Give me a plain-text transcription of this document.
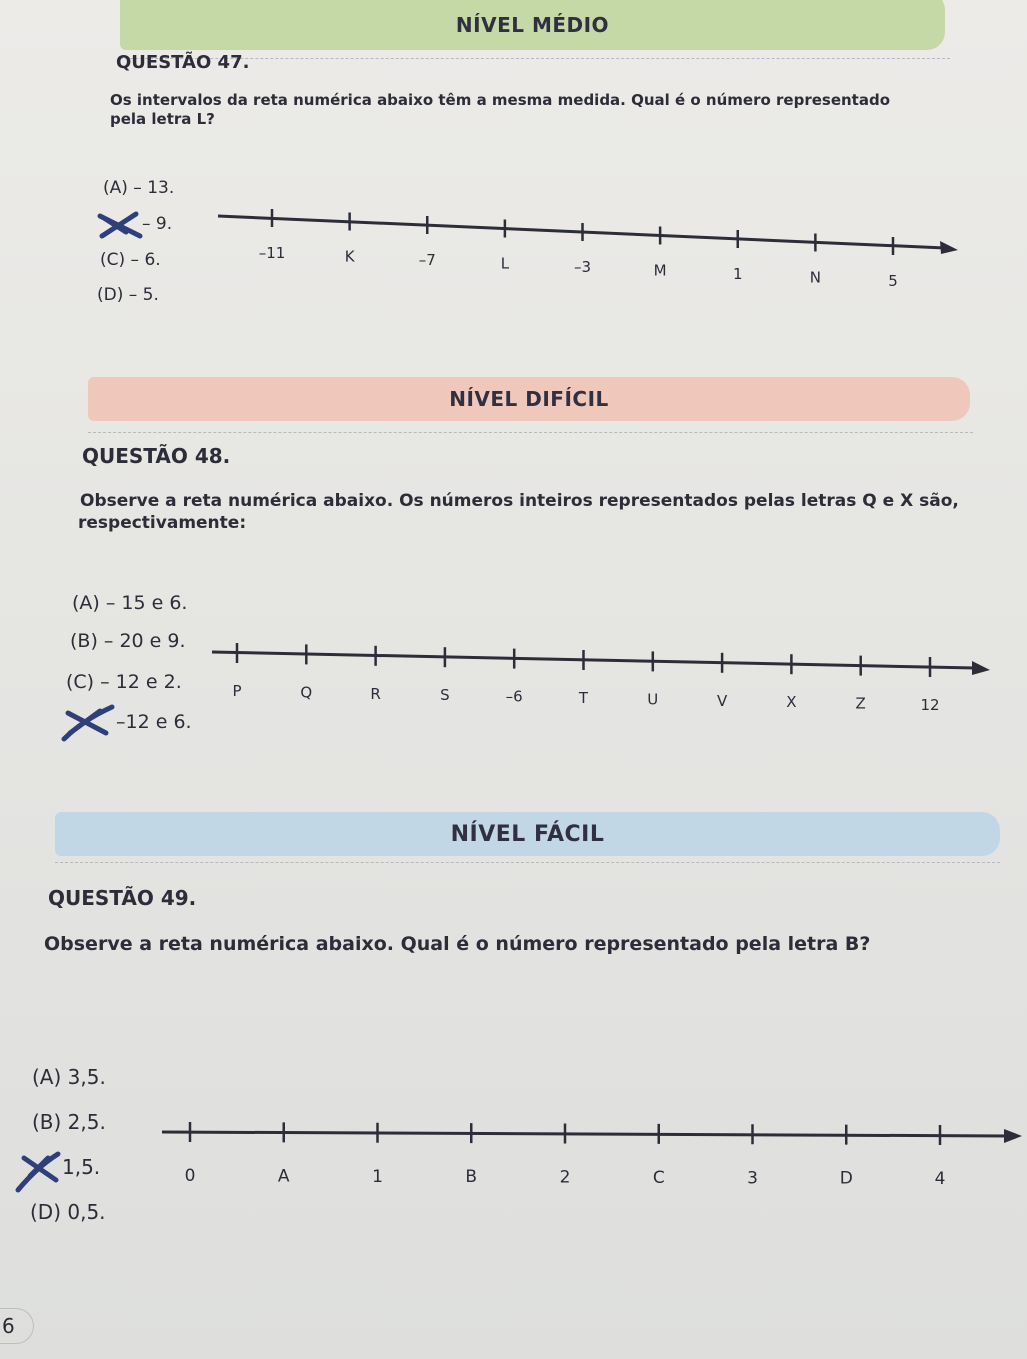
NÍVEL MÉDIO
QUESTÃO 47.
Os intervalos da reta numérica abaixo têm a mesma medida. Qual é o número representado
pela letra L?
(A) – 13.
– 9.
(C) – 6.
(D) – 5.
–11	K	–7	L	–3	M	1	N	5
NÍVEL DIFÍCIL
QUESTÃO 48.
Observe a reta numérica abaixo. Os números inteiros representados pelas letras Q e X são,
respectivamente:
(A) – 15 e 6.
(B) – 20 e 9.
(C) – 12 e 2.
–12 e 6.
P	Q	R	S	–6	T	U	V	X	Z	12
NÍVEL FÁCIL
QUESTÃO 49.
Observe a reta numérica abaixo. Qual é o número representado pela letra B?
(A) 3,5.
(B) 2,5.
1,5.
(D) 0,5.
0	A	1	B	2	C	3	D	4
6
